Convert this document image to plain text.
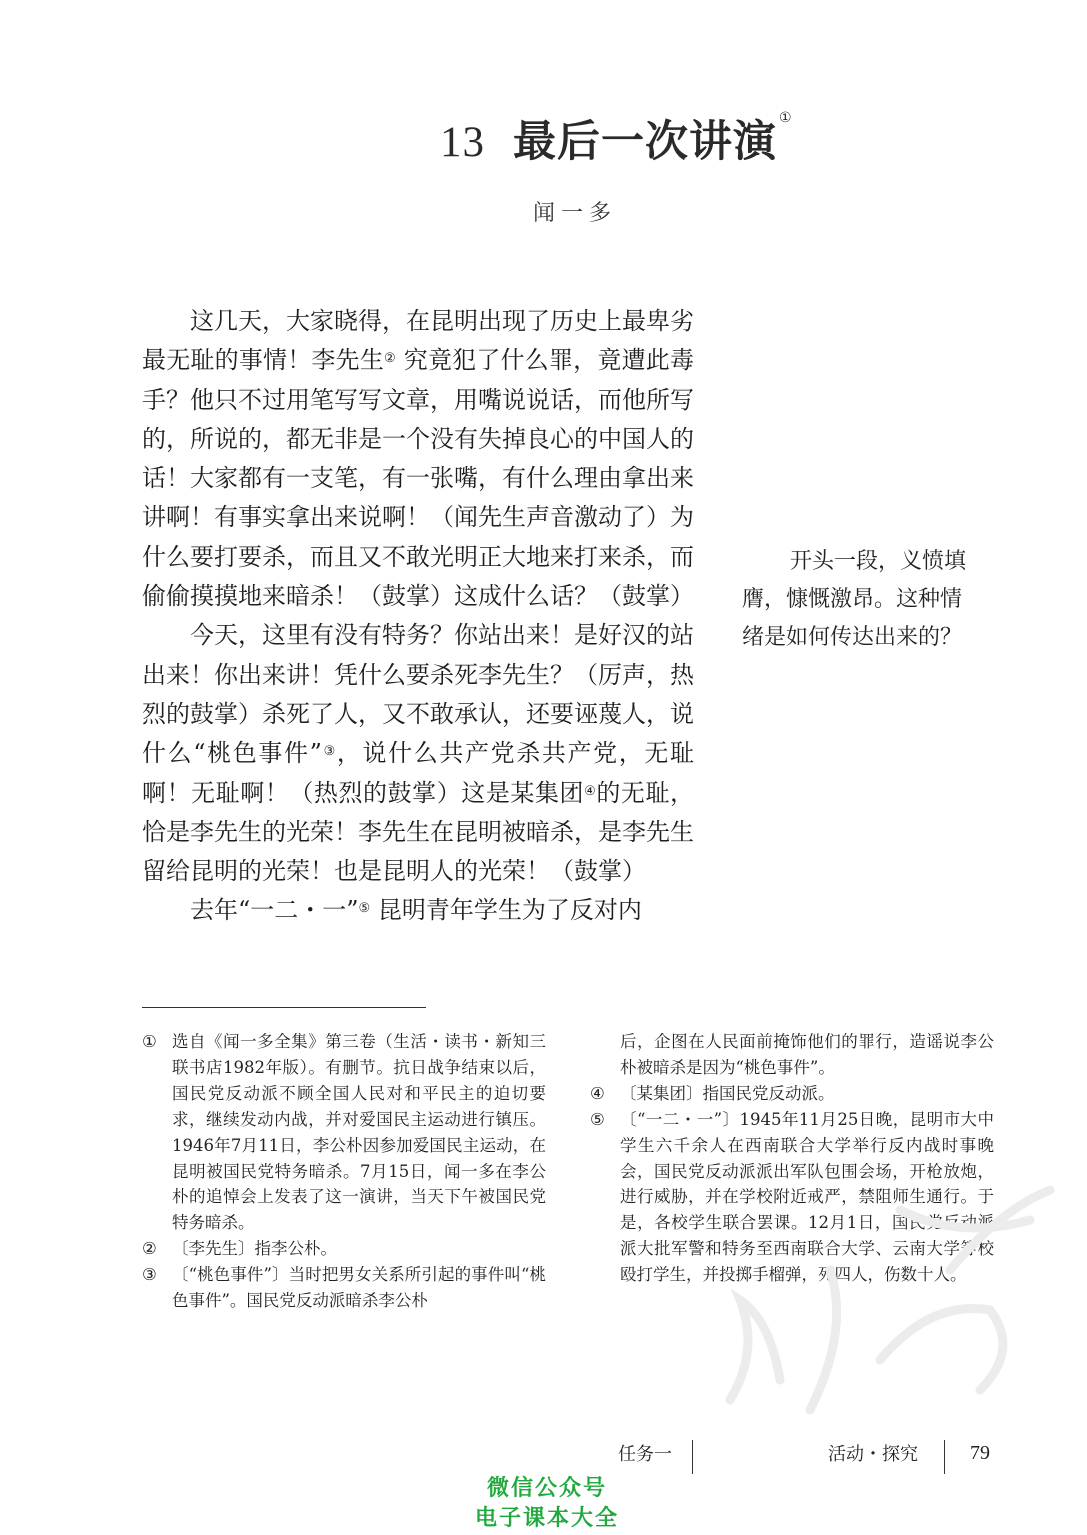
13 最后一次讲演 ①
闻一多

这几天，大家晓得，在昆明出现了历史上最卑劣最无耻的事情！李先生② 究竟犯了什么罪，竟遭此毒手？他只不过用笔写写文章，用嘴说说话，而他所写的，所说的，都无非是一个没有失掉良心的中国人的话！大家都有一支笔，有一张嘴，有什么理由拿出来讲啊！有事实拿出来说啊！（闻先生声音激动了）为什么要打要杀，而且又不敢光明正大地来打来杀，而偷偷摸摸地来暗杀！（鼓掌）这成什么话？（鼓掌）

今天，这里有没有特务？你站出来！是好汉的站出来！你出来讲！凭什么要杀死李先生？（厉声，热烈的鼓掌）杀死了人，又不敢承认，还要诬蔑人，说什么“桃色事件”③，说什么共产党杀共产党，无耻啊！无耻啊！（热烈的鼓掌）这是某集团④的无耻，恰是李先生的光荣！李先生在昆明被暗杀，是李先生留给昆明的光荣！也是昆明人的光荣！（鼓掌）

去年“一二・一”⑤ 昆明青年学生为了反对内

开头一段，义愤填
膺，慷慨激昂。这种情
绪是如何传达出来的？
① 选自《闻一多全集》第三卷（生活・读书・新知三联书店1982年版）。有删节。抗日战争结束以后，国民党反动派不顾全国人民对和平民主的迫切要求，继续发动内战，并对爱国民主运动进行镇压。1946年7月11日，李公朴因参加爱国民主运动，在昆明被国民党特务暗杀。7月15日，闻一多在李公朴的追悼会上发表了这一演讲，当天下午被国民党特务暗杀。
② 〔李先生〕指李公朴。
③ 〔“桃色事件”〕当时把男女关系所引起的事件叫“桃色事件”。国民党反动派暗杀李公朴
后，企图在人民面前掩饰他们的罪行，造谣说李公朴被暗杀是因为“桃色事件”。
④ 〔某集团〕指国民党反动派。
⑤ 〔“一二・一”〕1945年11月25日晚，昆明市大中学生六千余人在西南联合大学举行反内战时事晚会，国民党反动派派出军队包围会场，开枪放炮，进行威胁，并在学校附近戒严，禁阻师生通行。于是，各校学生联合罢课。12月1日，国民党反动派派大批军警和特务至西南联合大学、云南大学等校殴打学生，并投掷手榴弹，死四人，伤数十人。
任务一	活动・探究	79
微信公众号
电子课本大全
